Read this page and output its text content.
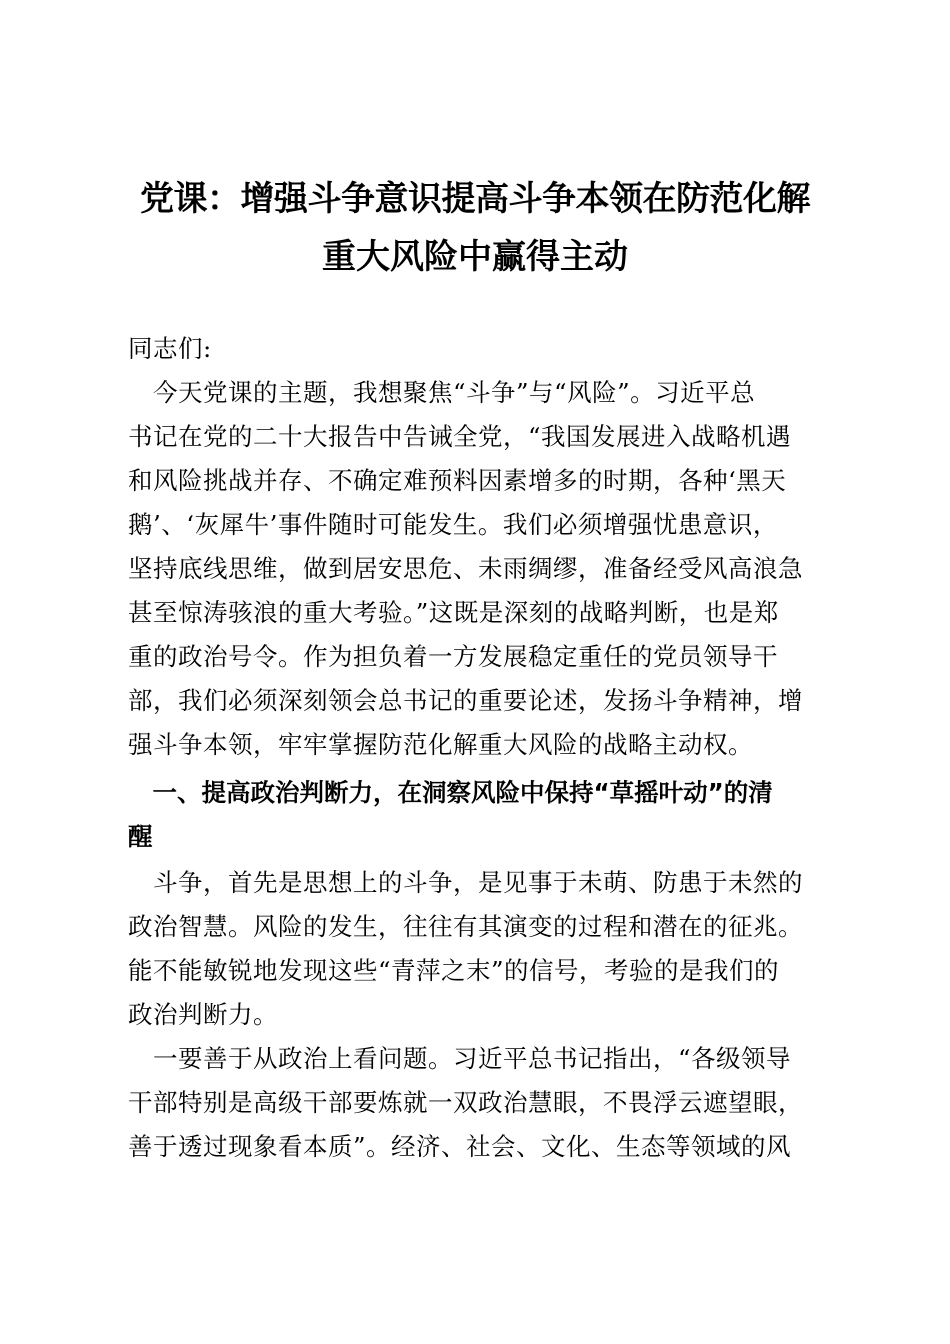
党课：增强斗争意识提高斗争本领在防范化解
重大风险中赢得主动
同志们:
　今天党课的主题，我想聚焦“斗争”与“风险”。习近平总
书记在党的二十大报告中告诫全党，“我国发展进入战略机遇
和风险挑战并存、不确定难预料因素增多的时期，各种‘黑天
鹅’、‘灰犀牛’事件随时可能发生。我们必须增强忧患意识，
坚持底线思维，做到居安思危、未雨绸缪，准备经受风高浪急
甚至惊涛骇浪的重大考验。”这既是深刻的战略判断，也是郑
重的政治号令。作为担负着一方发展稳定重任的党员领导干
部，我们必须深刻领会总书记的重要论述，发扬斗争精神，增
强斗争本领，牢牢掌握防范化解重大风险的战略主动权。
　一、提高政治判断力，在洞察风险中保持“草摇叶动”的清
醒
　斗争，首先是思想上的斗争，是见事于未萌、防患于未然的
政治智慧。风险的发生，往往有其演变的过程和潜在的征兆。
能不能敏锐地发现这些“青萍之末”的信号，考验的是我们的
政治判断力。
　一要善于从政治上看问题。习近平总书记指出，“各级领导
干部特别是高级干部要炼就一双政治慧眼，不畏浮云遮望眼，
善于透过现象看本质”。经济、社会、文化、生态等领域的风
